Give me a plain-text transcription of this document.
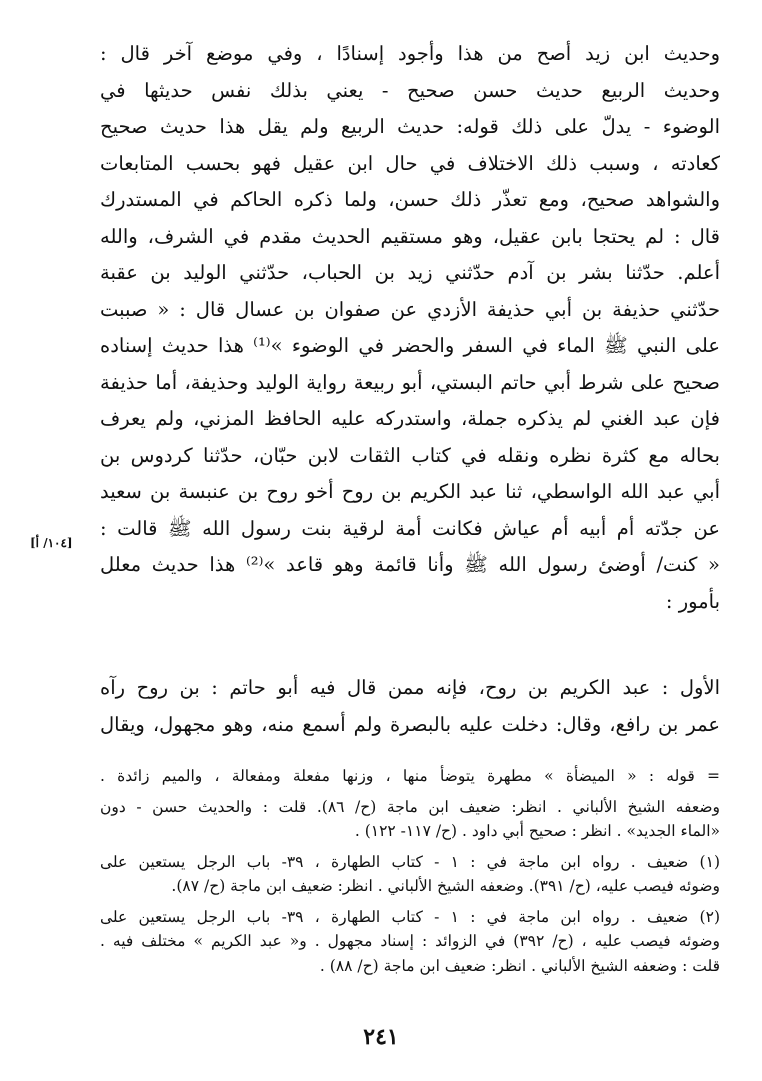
وحديث ابن زيد أصح من هذا وأجود إسنادًا ، وفي موضع آخر قال :
وحديث الربيع حديث حسن صحيح - يعني بذلك نفس حديثها في
الوضوء - يدلّ على ذلك قوله: حديث الربيع ولم يقل هذا حديث صحيح
كعادته ، وسبب ذلك الاختلاف في حال ابن عقيل فهو بحسب المتابعات
والشواهد صحيح، ومع تعذّر ذلك حسن، ولما ذكره الحاكم في المستدرك
قال : لم يحتجا بابن عقيل، وهو مستقيم الحديث مقدم في الشرف، والله
أعلم. حدّثنا بشر بن آدم حدّثني زيد بن الحباب، حدّثني الوليد بن عقبة
حدّثني حذيفة بن أبي حذيفة الأزدي عن صفوان بن عسال قال : « صببت
على النبي ﷺ الماء في السفر والحضر في الوضوء »⁽¹⁾ هذا حديث إسناده
صحيح على شرط أبي حاتم البستي، أبو ربيعة رواية الوليد وحذيفة، أما حذيفة
فإن عبد الغني لم يذكره جملة، واستدركه عليه الحافظ المزني، ولم يعرف
بحاله مع كثرة نظره ونقله في كتاب الثقات لابن حبّان، حدّثنا كردوس بن
أبي عبد الله الواسطي، ثنا عبد الكريم بن روح أخو روح بن عنبسة بن سعيد
عن جدّته أم أبيه أم عياش فكانت أمة لرقية بنت رسول الله ﷺ قالت :
« كنت/ أوضئ رسول الله ﷺ وأنا قائمة وهو قاعد »⁽²⁾ هذا حديث معلل
بأمور :
[١٠٤/ أ]
الأول : عبد الكريم بن روح، فإنه ممن قال فيه أبو حاتم : بن روح رآه
عمر بن رافع، وقال: دخلت عليه بالبصرة ولم أسمع منه، وهو مجهول، ويقال
= قوله : « الميضأة » مطهرة يتوضأ منها ، وزنها مفعلة ومفعالة ، والميم زائدة .
وضعفه الشيخ الألباني . انظر: ضعيف ابن ماجة (ح/ ٨٦). قلت : والحديث حسن - دون
«الماء الجديد» . انظر : صحيح أبي داود . (ح/ ١١٧- ١٢٢) .
(١) ضعيف . رواه ابن ماجة في : ١ - كتاب الطهارة ، ٣٩- باب الرجل يستعين على
وضوئه فيصب عليه، (ح/ ٣٩١). وضعفه الشيخ الألباني . انظر: ضعيف ابن ماجة (ح/ ٨٧).
(٢) ضعيف . رواه ابن ماجة في : ١ - كتاب الطهارة ، ٣٩- باب الرجل يستعين على
وضوئه فيصب عليه ، (ح/ ٣٩٢) في الزوائد : إسناد مجهول . و« عبد الكريم » مختلف فيه .
قلت : وضعفه الشيخ الألباني . انظر: ضعيف ابن ماجة (ح/ ٨٨) .
٢٤١
